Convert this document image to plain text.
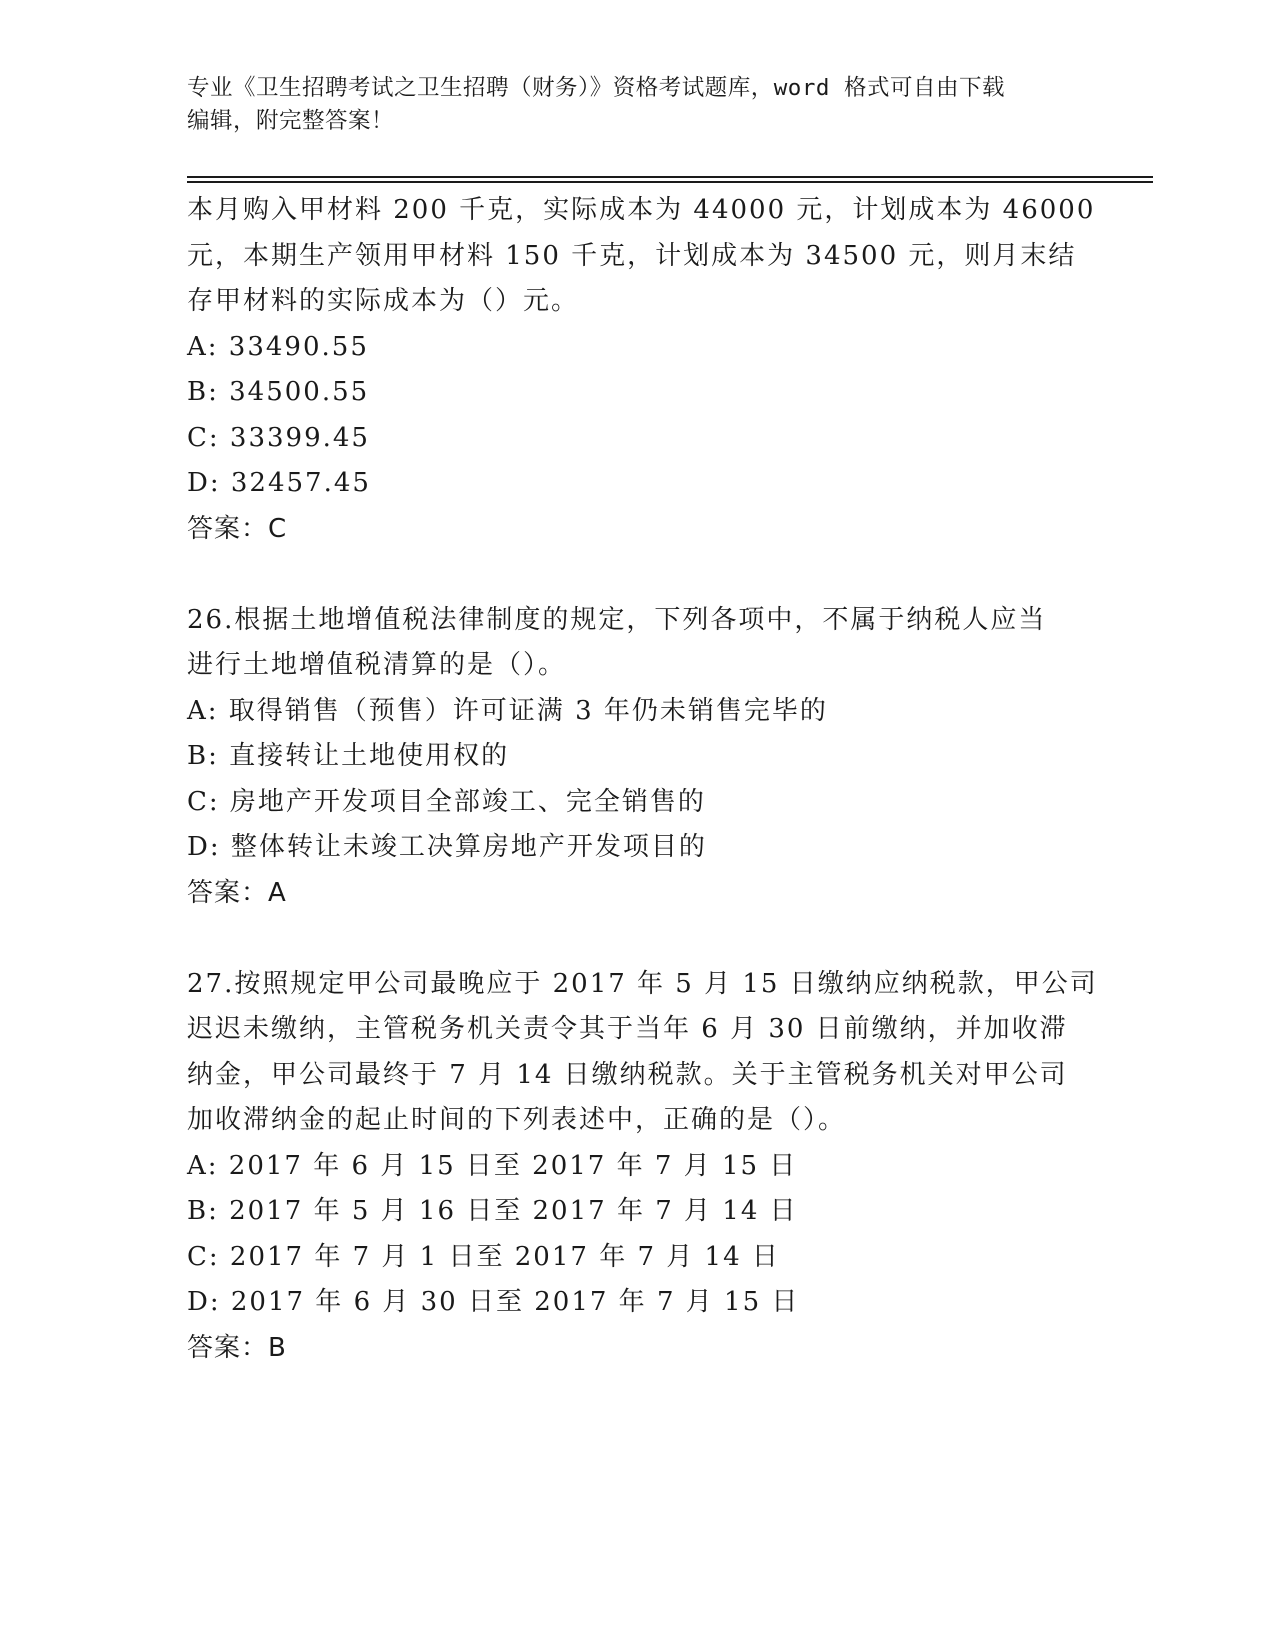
专业《卫生招聘考试之卫生招聘（财务）》资格考试题库，word 格式可自由下载
编辑，附完整答案！
本月购入甲材料 200 千克，实际成本为 44000 元，计划成本为 46000
元，本期生产领用甲材料 150 千克，计划成本为 34500 元，则月末结
存甲材料的实际成本为（）元。
A: 33490.55
B: 34500.55
C: 33399.45
D: 32457.45
答案：C
26.根据土地增值税法律制度的规定，下列各项中，不属于纳税人应当
进行土地增值税清算的是（）。
A: 取得销售（预售）许可证满 3 年仍未销售完毕的
B: 直接转让土地使用权的
C: 房地产开发项目全部竣工、完全销售的
D: 整体转让未竣工决算房地产开发项目的
答案：A
27.按照规定甲公司最晚应于 2017 年 5 月 15 日缴纳应纳税款，甲公司
迟迟未缴纳，主管税务机关责令其于当年 6 月 30 日前缴纳，并加收滞
纳金，甲公司最终于 7 月 14 日缴纳税款。关于主管税务机关对甲公司
加收滞纳金的起止时间的下列表述中，正确的是（）。
A: 2017 年 6 月 15 日至 2017 年 7 月 15 日
B: 2017 年 5 月 16 日至 2017 年 7 月 14 日
C: 2017 年 7 月 1 日至 2017 年 7 月 14 日
D: 2017 年 6 月 30 日至 2017 年 7 月 15 日
答案：B
